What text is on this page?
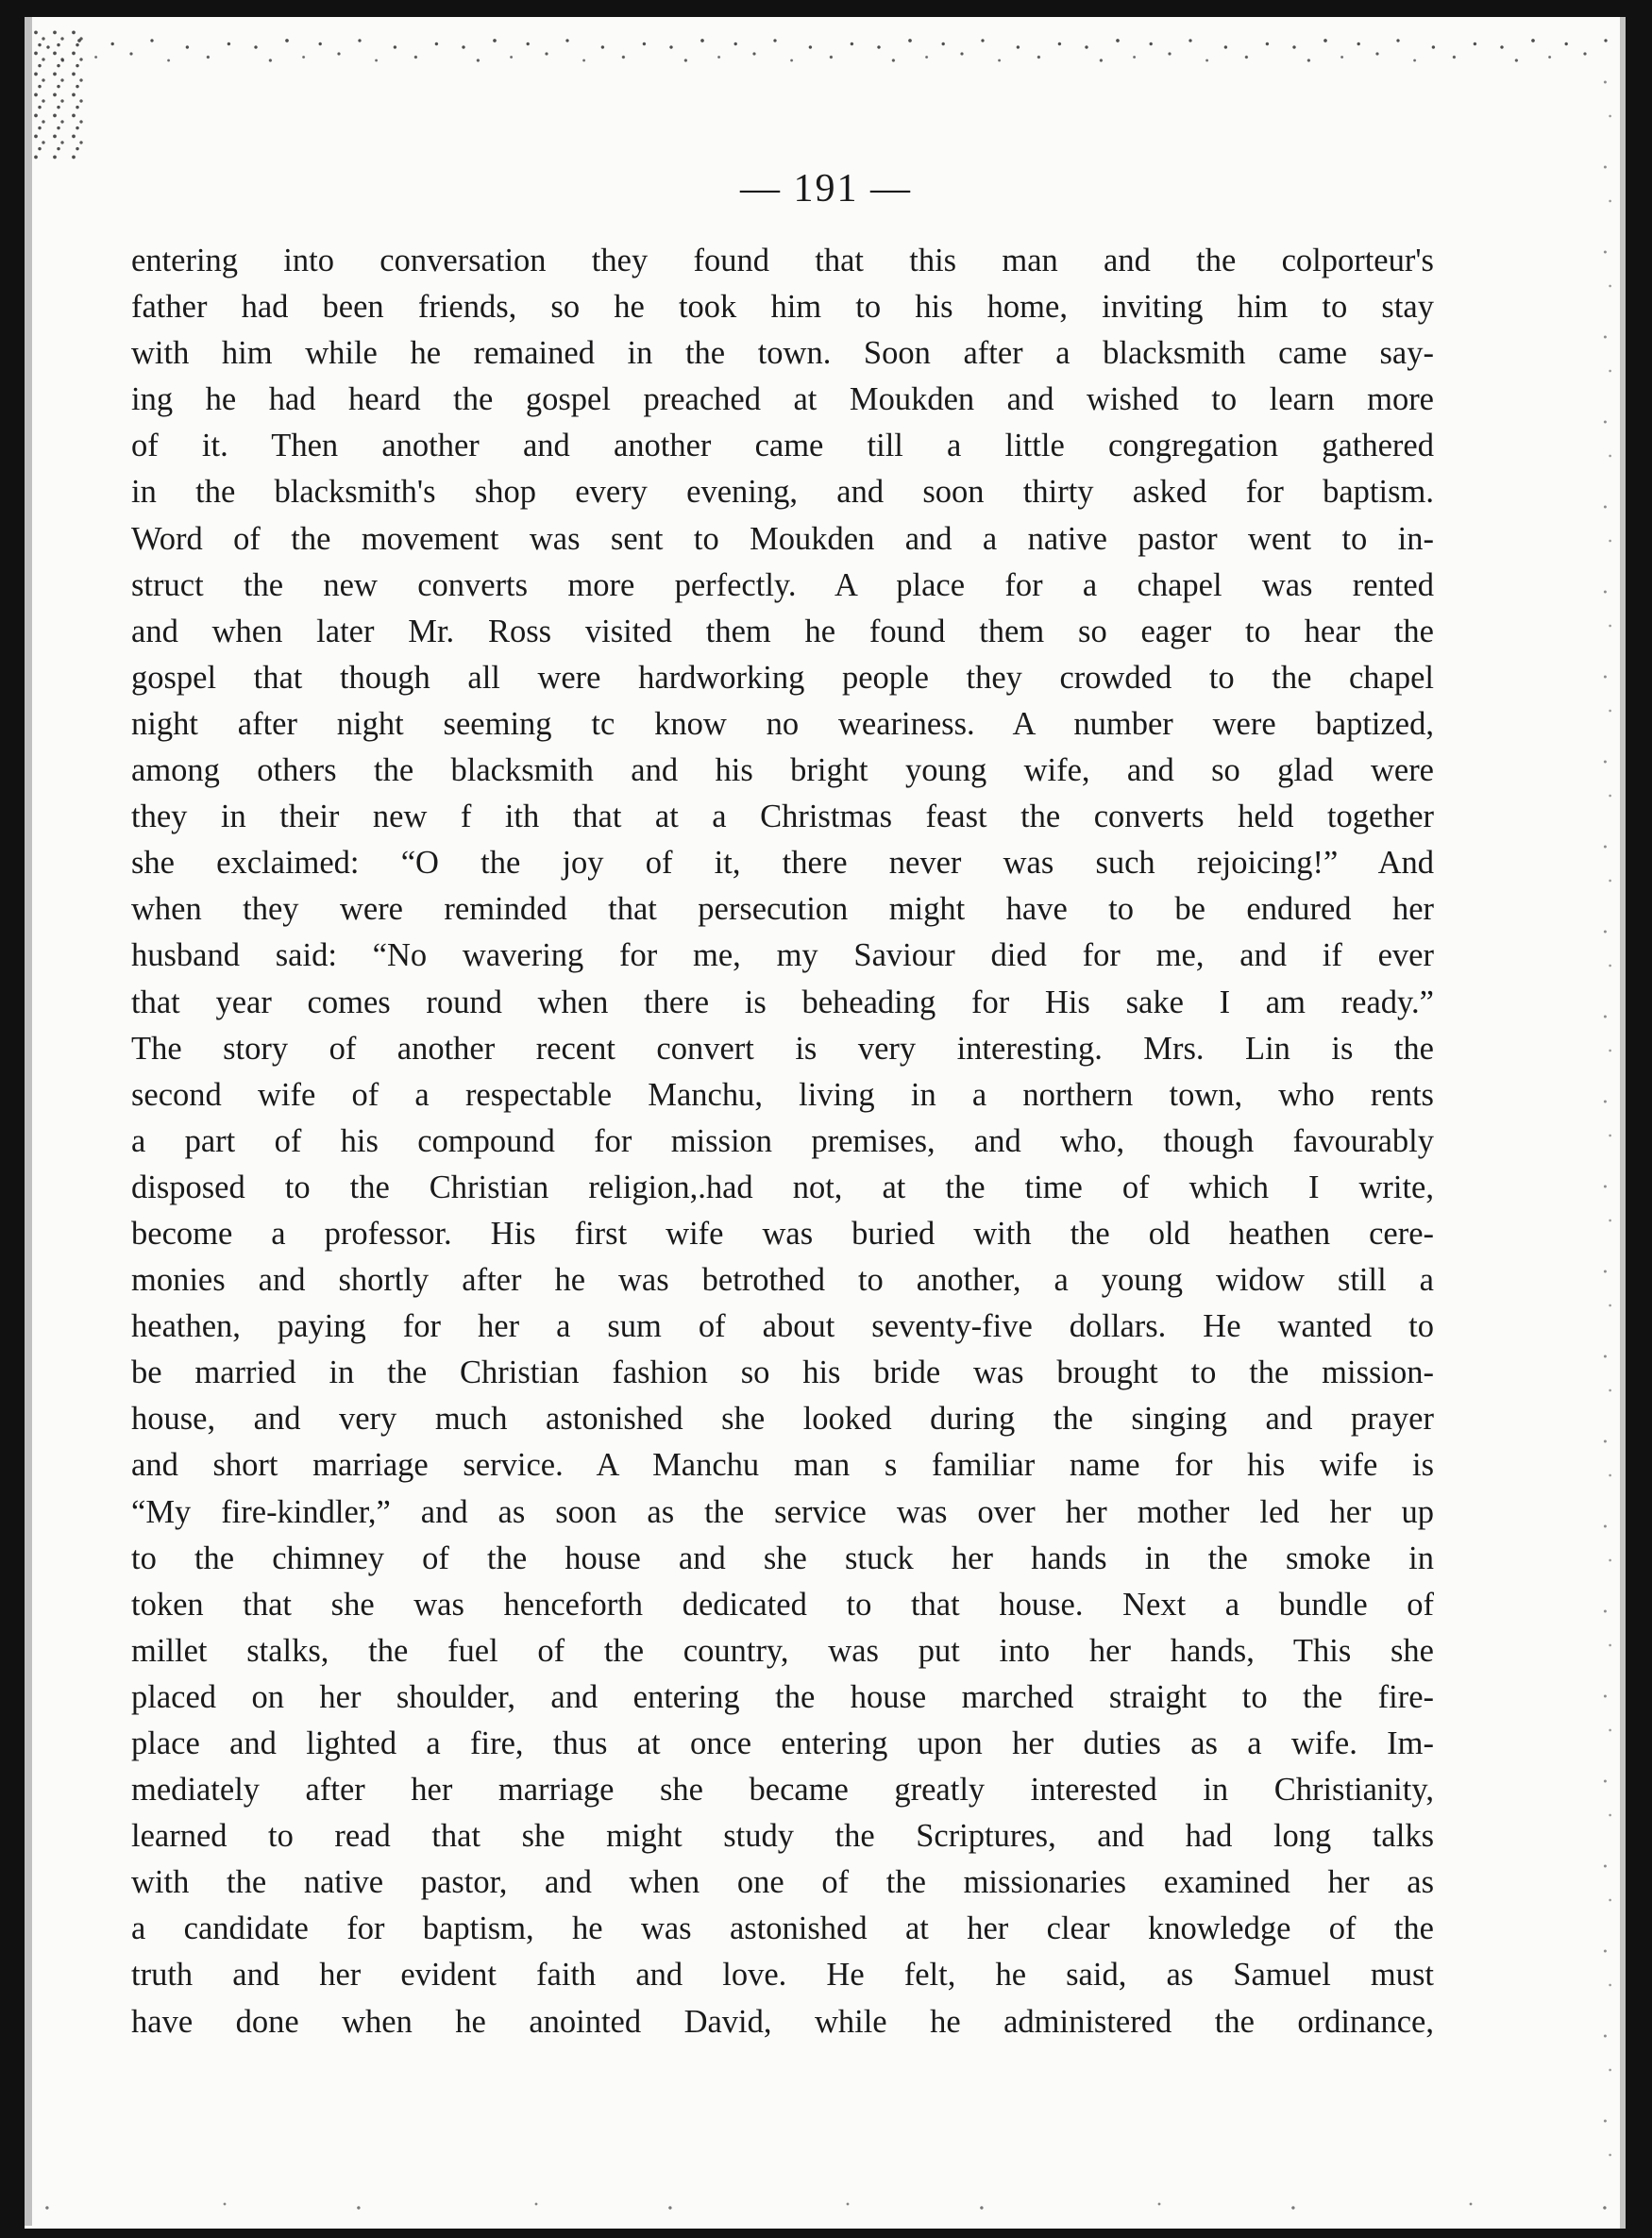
— 191 —
entering into conversation they found that this man and the colporteur's
father had been friends, so he took him to his home, inviting him to stay
with him while he remained in the town. Soon after a blacksmith came say-
ing he had heard the gospel preached at Moukden and wished to learn more
of it. Then another and another came till a little congregation gathered
in the blacksmith's shop every evening, and soon thirty asked for baptism.
Word of the movement was sent to Moukden and a native pastor went to in-
struct the new converts more perfectly. A place for a chapel was rented
and when later Mr. Ross visited them he found them so eager to hear the
gospel that though all were hardworking people they crowded to the chapel
night after night seeming tc know no weariness. A number were baptized,
among others the blacksmith and his bright young wife, and so glad were
they in their new f ith that at a Christmas feast the converts held together
she exclaimed: “O the joy of it, there never was such rejoicing!” And
when they were reminded that persecution might have to be endured her
husband said: “No wavering for me, my Saviour died for me, and if ever
that year comes round when there is beheading for His sake I am ready.”
The story of another recent convert is very interesting. Mrs. Lin is the
second wife of a respectable Manchu, living in a northern town, who rents
a part of his compound for mission premises, and who, though favourably
disposed to the Christian religion,.had not, at the time of which I write,
become a professor. His first wife was buried with the old heathen cere-
monies and shortly after he was betrothed to another, a young widow still a
heathen, paying for her a sum of about seventy-five dollars. He wanted to
be married in the Christian fashion so his bride was brought to the mission-
house, and very much astonished she looked during the singing and prayer
and short marriage service. A Manchu man s familiar name for his wife is
“My fire-kindler,” and as soon as the service was over her mother led her up
to the chimney of the house and she stuck her hands in the smoke in
token that she was henceforth dedicated to that house. Next a bundle of
millet stalks, the fuel of the country, was put into her hands, This she
placed on her shoulder, and entering the house marched straight to the fire-
place and lighted a fire, thus at once entering upon her duties as a wife. Im-
mediately after her marriage she became greatly interested in Christianity,
learned to read that she might study the Scriptures, and had long talks
with the native pastor, and when one of the missionaries examined her as
a candidate for baptism, he was astonished at her clear knowledge of the
truth and her evident faith and love. He felt, he said, as Samuel must
have done when he anointed David, while he administered the ordinance,
